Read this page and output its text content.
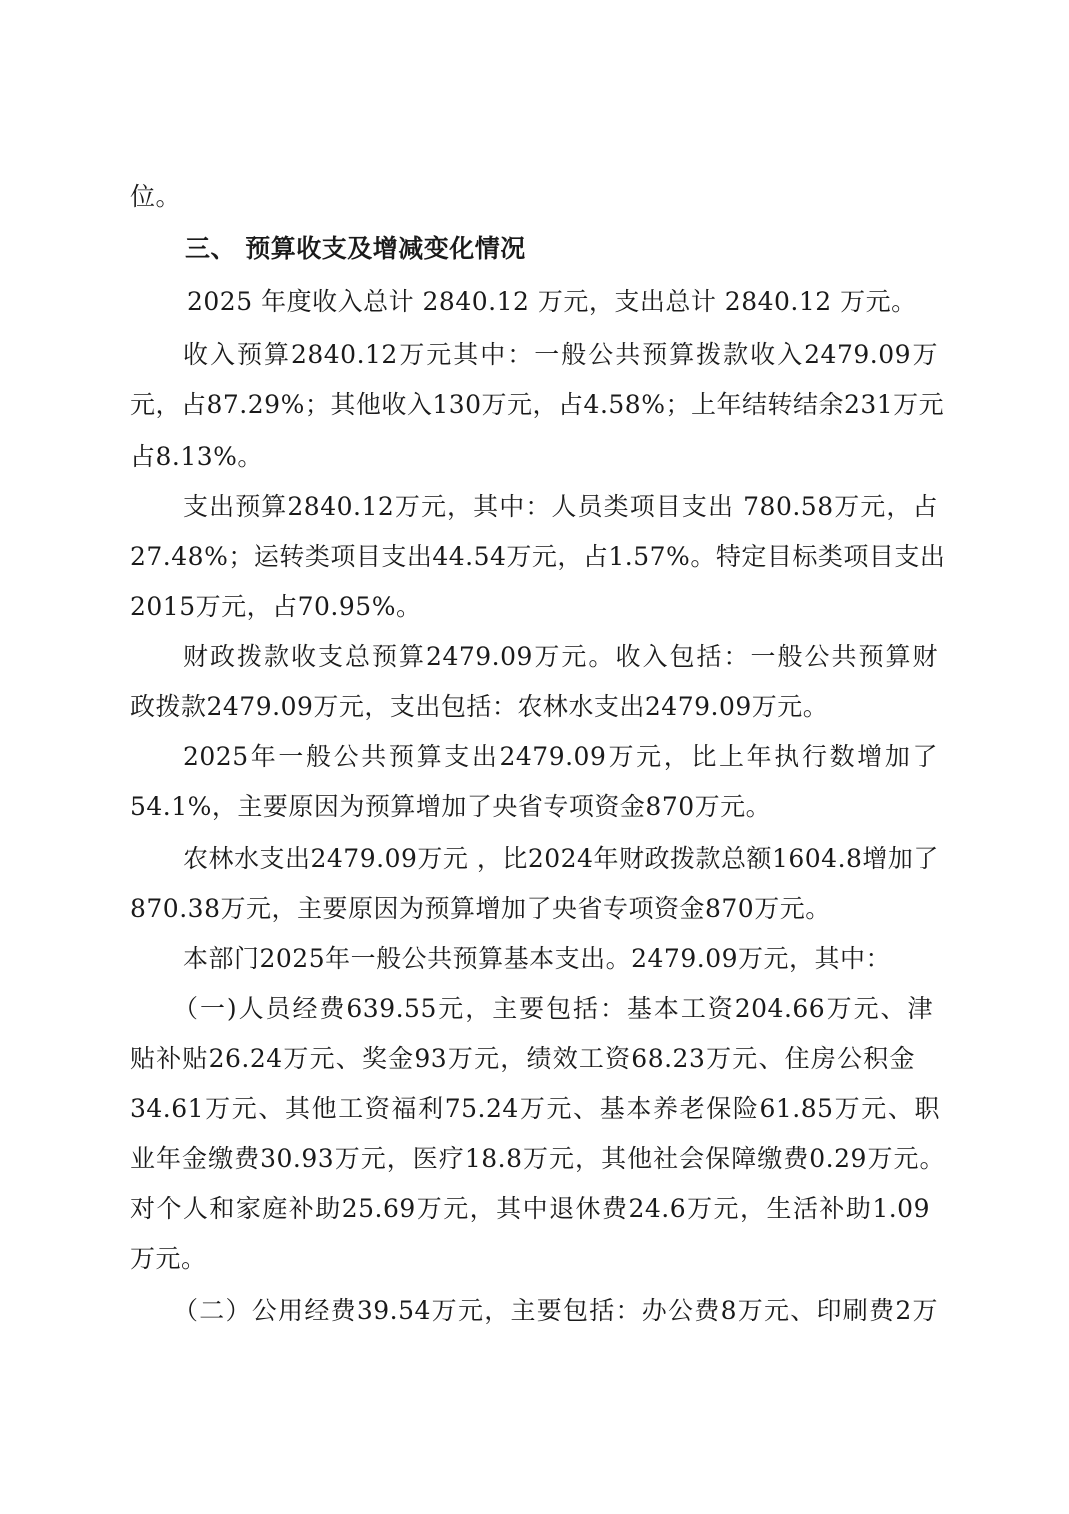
位。
三、 预算收支及增减变化情况
2025 年度收入总计 2840.12 万元，支出总计 2840.12 万元。
收入预算2840.12万元其中：一般公共预算拨款收入2479.09万
元，占87.29%；其他收入130万元，占4.58%；上年结转结余231万元
占8.13%。
支出预算2840.12万元，其中：人员类项目支出 780.58万元，占
27.48%；运转类项目支出44.54万元，占1.57%。特定目标类项目支出
2015万元，占70.95%。
财政拨款收支总预算2479.09万元。收入包括：一般公共预算财
政拨款2479.09万元，支出包括：农林水支出2479.09万元。
2025年一般公共预算支出2479.09万元，比上年执行数增加了
54.1%，主要原因为预算增加了央省专项资金870万元。
农林水支出2479.09万元 ，比2024年财政拨款总额1604.8增加了
870.38万元，主要原因为预算增加了央省专项资金870万元。
本部门2025年一般公共预算基本支出。2479.09万元，其中：
（一)人员经费639.55元，主要包括：基本工资204.66万元、津
贴补贴26.24万元、奖金93万元，绩效工资68.23万元、住房公积金
34.61万元、其他工资福利75.24万元、基本养老保险61.85万元、职
业年金缴费30.93万元，医疗18.8万元，其他社会保障缴费0.29万元。
对个人和家庭补助25.69万元，其中退休费24.6万元，生活补助1.09
万元。
（二）公用经费39.54万元，主要包括：办公费8万元、印刷费2万
